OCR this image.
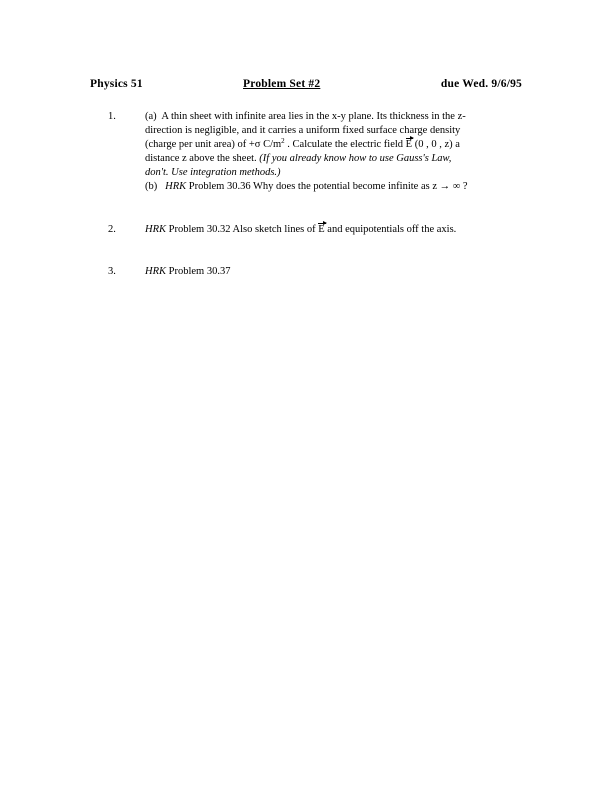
Physics 51	Problem Set #2	due Wed. 9/6/95
1.	(a) A thin sheet with infinite area lies in the x-y plane. Its thickness in the z-
direction is negligible, and it carries a uniform fixed surface charge density
(charge per unit area) of +σ $C/m^2$ . Calculate the electric field E (0 , 0 , z) a
distance z above the sheet. (If you already know how to use Gauss's Law,
don't. Use integration methods.)
(b) HRK Problem 30.36 Why does the potential become infinite as z → ∞ ?
2.	HRK Problem 30.32 Also sketch lines of E and equipotentials off the axis.
3.	HRK Problem 30.37
